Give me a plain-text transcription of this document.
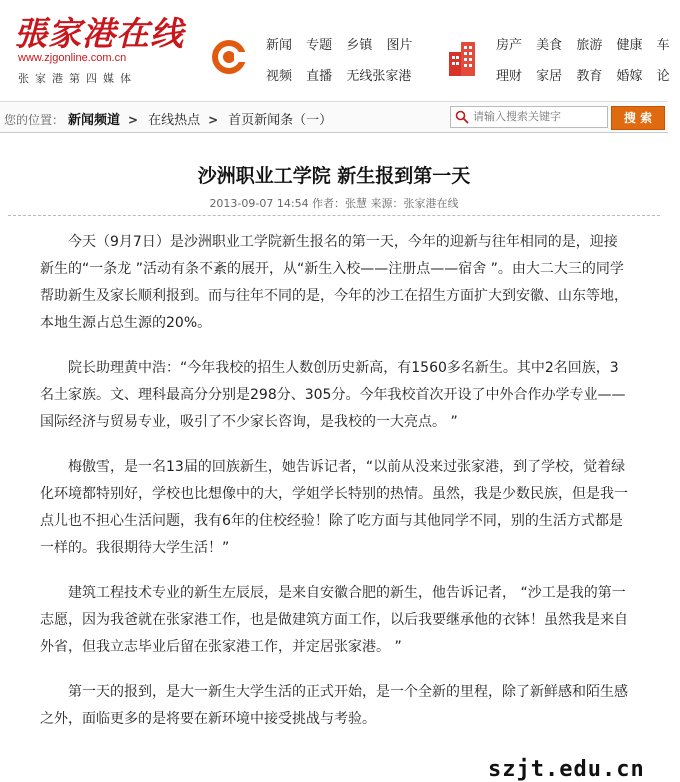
張家港在线
www.zjgonline.com.cn
张家港第四媒体
新闻 专题 乡镇 图片
视频 直播 无线张家港
房产 美食 旅游 健康 车
理财 家居 教育 婚嫁 论
您的位置： 新闻频道 > 在线热点 > 首页新闻条（一）
请输入搜索关键字	搜 索
沙洲职业工学院 新生报到第一天
2013-09-07 14:54 作者：张慧 来源：张家港在线

今天（9月7日）是沙洲职业工学院新生报名的第一天，今年的迎新与往年相同的是，迎接新生的“一条龙 ”活动有条不紊的展开，从“新生入校——注册点——宿舍 ”。由大二大三的同学帮助新生及家长顺利报到。而与往年不同的是，今年的沙工在招生方面扩大到安徽、山东等地，本地生源占总生源的20%。

院长助理黄中浩：“今年我校的招生人数创历史新高，有1560多名新生。其中2名回族，3名土家族。文、理科最高分分别是298分、305分。今年我校首次开设了中外合作办学专业——国际经济与贸易专业，吸引了不少家长咨询，是我校的一大亮点。 ”

梅傲雪，是一名13届的回族新生，她告诉记者，“以前从没来过张家港，到了学校，觉着绿化环境都特别好，学校也比想像中的大，学姐学长特别的热情。虽然，我是少数民族，但是我一点儿也不担心生活问题，我有6年的住校经验！除了吃方面与其他同学不同，别的生活方式都是一样的。我很期待大学生活！”

建筑工程技术专业的新生左辰辰，是来自安徽合肥的新生，他告诉记者， “沙工是我的第一志愿，因为我爸就在张家港工作，也是做建筑方面工作，以后我要继承他的衣钵！虽然我是来自外省，但我立志毕业后留在张家港工作，并定居张家港。 ”

第一天的报到，是大一新生大学生活的正式开始，是一个全新的里程，除了新鲜感和陌生感之外，面临更多的是将要在新环境中接受挑战与考验。

szjt.edu.cn
